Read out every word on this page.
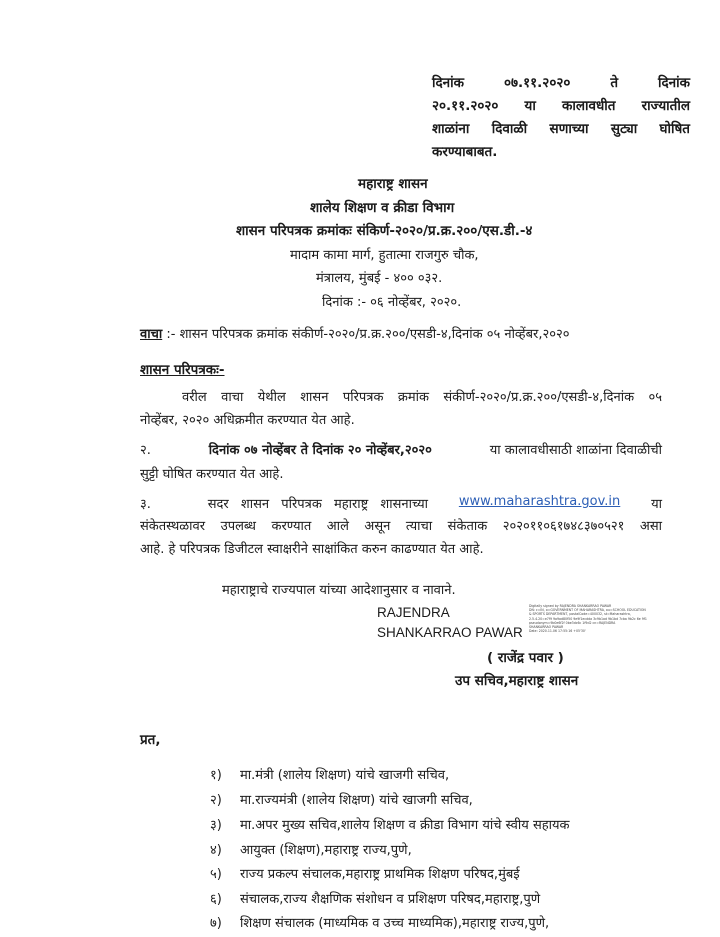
दिनांक ०७.११.२०२० ते दिनांक
२०.११.२०२० या कालावधीत राज्यातील
शाळांना दिवाळी सणाच्या सुट्या घोषित
करण्याबाबत.
महाराष्ट्र शासन
शालेय शिक्षण व क्रीडा विभाग
शासन परिपत्रक क्रमांकः संकिर्ण-२०२०/प्र.क्र.२००/एस.डी.-४
मादाम कामा मार्ग, हुतात्मा राजगुरु चौक,
मंत्रालय, मुंबई - ४०० ०३२.
दिनांक :- ०६ नोव्हेंबर, २०२०.
वाचा :- शासन परिपत्रक क्रमांक संकीर्ण-२०२०/प्र.क्र.२००/एसडी-४,दिनांक ०५ नोव्हेंबर,२०२०
शासन परिपत्रकः-
वरील वाचा येथील शासन परिपत्रक क्रमांक संकीर्ण-२०२०/प्र.क्र.२००/एसडी-४,दिनांक ०५
नोव्हेंबर, २०२० अधिक्रमीत करण्यात येत आहे.
२.	दिनांक ०७ नोव्हेंबर ते दिनांक २० नोव्हेंबर,२०२०	या कालावधीसाठी शाळांना दिवाळीची
सुट्टी घोषित करण्यात येत आहे.
३.	सदर शासन परिपत्रक महाराष्ट्र शासनाच्या www.maharashtra.gov.in या
संकेतस्थळावर उपलब्ध करण्यात आले असून त्याचा संकेताक २०२०११०६१७४८३७०५२१ असा
आहे. हे परिपत्रक डिजीटल स्वाक्षरीने साक्षांकित करुन काढण्यात येत आहे.
महाराष्ट्राचे राज्यपाल यांच्या आदेशानुसार व नावाने.
RAJENDRA
SHANKARRAO PAWAR
Digitally signed by RAJENDRA SHANKARRAO PAWAR
DN: c=IN, o=GOVERNMENT OF MAHARASHTRA, ou=SCHOOL EDUCATION
& SPORTS DEPARTMENT, postalCode=400032, st=Maharashtra,
2.5.4.20=e7f9 9a9ad80f50 9e9f1ecdda 3c9b1ad 9b1bd 7cba 9b2c 6e 9f1
pseudonym=9b0e6f2f 0be3dc6c 1f9d2 cn=RAJENDRA
SHANKARRAO PAWAR
Date: 2020.11.06 17:55:16 +05'30'
( राजेंद्र पवार )
उप सचिव,महाराष्ट्र शासन
प्रत,
१) मा.मंत्री (शालेय शिक्षण) यांचे खाजगी सचिव,
२) मा.राज्यमंत्री (शालेय शिक्षण) यांचे खाजगी सचिव,
३) मा.अपर मुख्य सचिव,शालेय शिक्षण व क्रीडा विभाग यांचे स्वीय सहायक
४) आयुक्त (शिक्षण),महाराष्ट्र राज्य,पुणे,
५) राज्य प्रकल्प संचालक,महाराष्ट्र प्राथमिक शिक्षण परिषद,मुंबई
६) संचालक,राज्य शैक्षणिक संशोधन व प्रशिक्षण परिषद,महाराष्ट्र,पुणे
७) शिक्षण संचालक (माध्यमिक व उच्च माध्यमिक),महाराष्ट्र राज्य,पुणे,
